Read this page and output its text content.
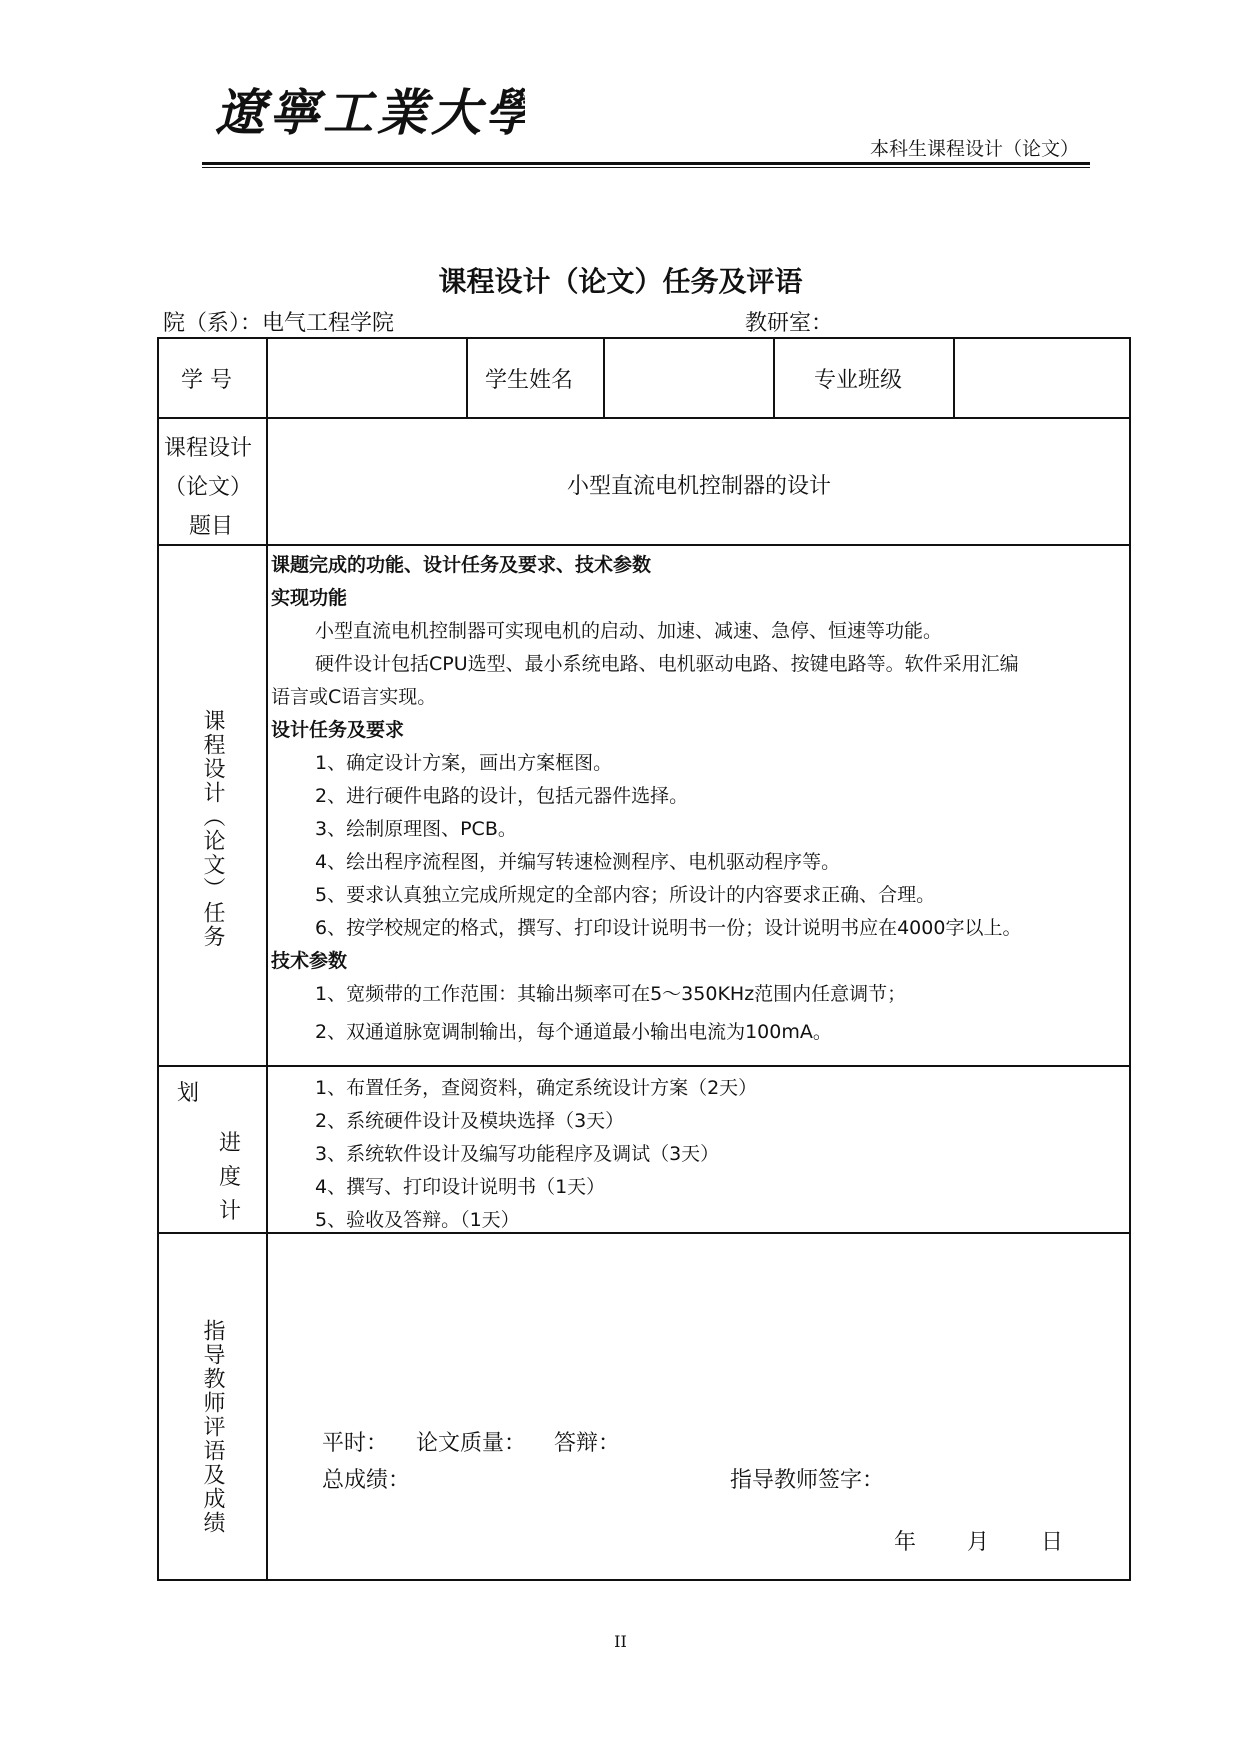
遼寧工業大學
本科生课程设计（论文）
课程设计（论文）任务及评语
院（系）：电气工程学院	教研室：
学 号	学生姓名	专业班级
课程设计
（论文）
题目
小型直流电机控制器的设计
课程设计（论文）任务
课题完成的功能、设计任务及要求、技术参数
实现功能
小型直流电机控制器可实现电机的启动、加速、减速、急停、恒速等功能。
硬件设计包括CPU选型、最小系统电路、电机驱动电路、按键电路等。软件采用汇编
语言或C语言实现。
设计任务及要求
1、确定设计方案，画出方案框图。
2、进行硬件电路的设计，包括元器件选择。
3、绘制原理图、PCB。
4、绘出程序流程图，并编写转速检测程序、电机驱动程序等。
5、要求认真独立完成所规定的全部内容；所设计的内容要求正确、合理。
6、按学校规定的格式，撰写、打印设计说明书一份；设计说明书应在4000字以上。
技术参数
1、宽频带的工作范围：其输出频率可在5～350KHz范围内任意调节；
2、双通道脉宽调制输出，每个通道最小输出电流为100mA。
划
进
度
计
1、布置任务，查阅资料，确定系统设计方案（2天）
2、系统硬件设计及模块选择（3天）
3、系统软件设计及编写功能程序及调试（3天）
4、撰写、打印设计说明书（1天）
5、验收及答辩。（1天）
指导教师评语及成绩	平时：    论文质量：    答辩：
总成绩：	指导教师签字：
年 月 日
II
